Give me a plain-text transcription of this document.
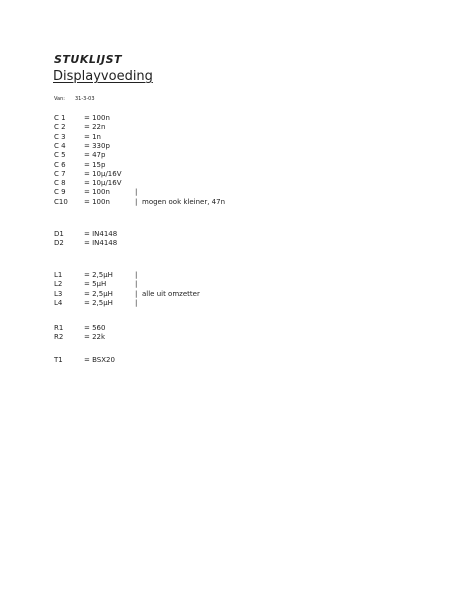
STUKLIJST
Displayvoeding
Van: 31-3-03
C 1	= 100n
C 2	= 22n
C 3	= 1n
C 4	= 330p
C 5	= 47p
C 6	= 15p
C 7	= 10µ/16V
C 8	= 10µ/16V
C 9	= 100n	|
C10 = 100n	| mogen ook kleiner, 47n
D1	= IN4148
D2	= IN4148
L1	= 2,5µH	|
L2	= 5µH	|
L3	= 2,5µH	| alle uit omzetter
L4	= 2,5µH	|
R1	= 560
R2	= 22k
T1	= BSX20
